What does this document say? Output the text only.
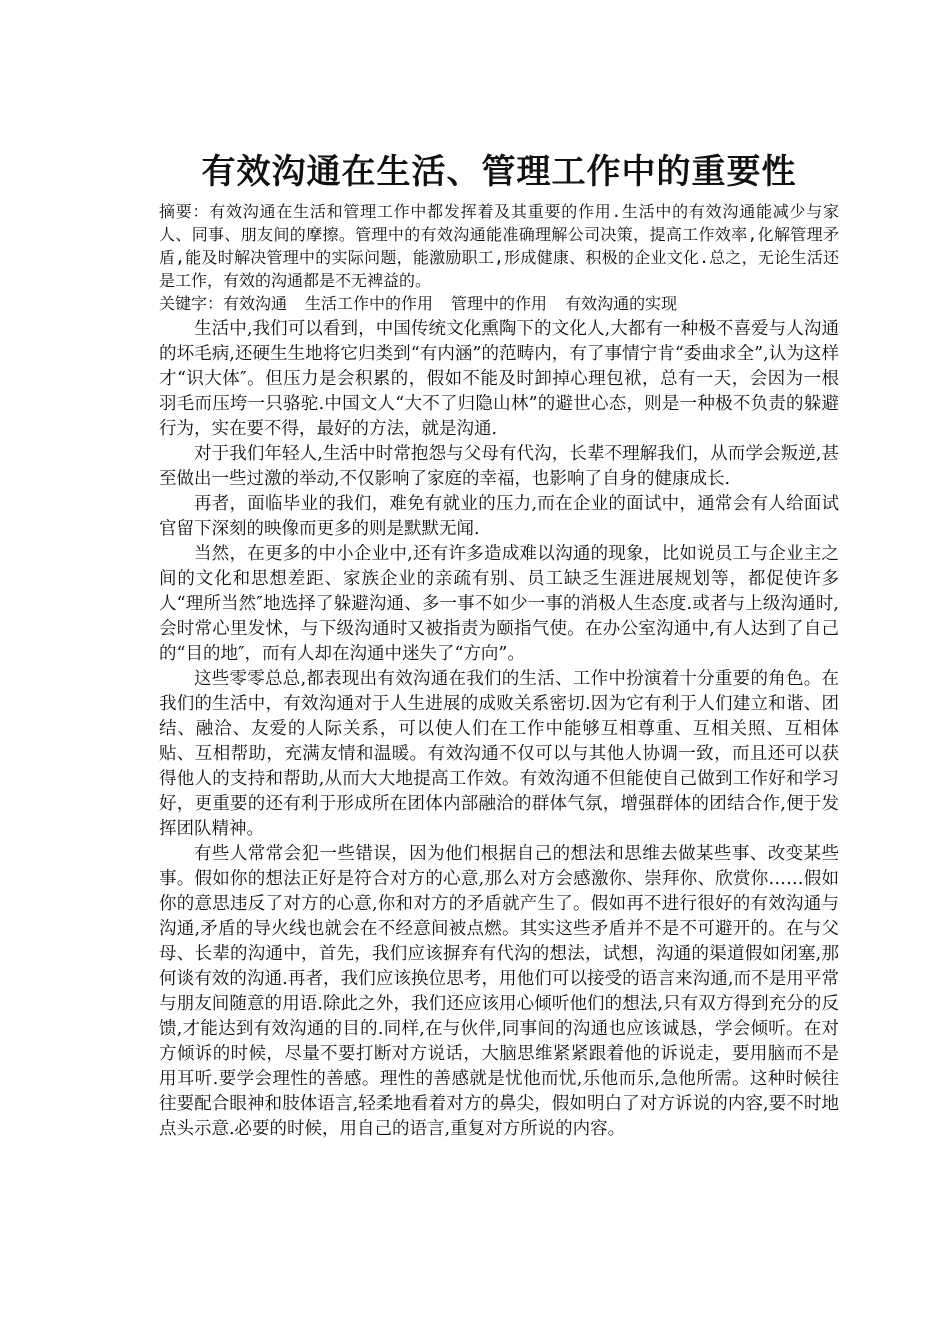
有效沟通在生活、管理工作中的重要性

摘要：有效沟通在生活和管理工作中都发挥着及其重要的作用.生活中的有效沟通能减少与家人、同事、朋友间的摩擦。管理中的有效沟通能准确理解公司决策，提高工作效率,化解管理矛盾,能及时解决管理中的实际问题，能激励职工,形成健康、积极的企业文化.总之，无论生活还是工作，有效的沟通都是不无裨益的。

关键字：有效沟通 生活工作中的作用 管理中的作用 有效沟通的实现

生活中,我们可以看到，中国传统文化熏陶下的文化人,大都有一种极不喜爱与人沟通的坏毛病,还硬生生地将它归类到“有内涵”的范畴内，有了事情宁肯“委曲求全”,认为这样才“识大体″。但压力是会积累的，假如不能及时卸掉心理包袱，总有一天，会因为一根羽毛而压垮一只骆驼.中国文人“大不了归隐山林”的避世心态，则是一种极不负责的躲避行为，实在要不得，最好的方法，就是沟通.

对于我们年轻人,生活中时常抱怨与父母有代沟，长辈不理解我们，从而学会叛逆,甚至做出一些过激的举动,不仅影响了家庭的幸福，也影响了自身的健康成长.

再者，面临毕业的我们，难免有就业的压力,而在企业的面试中，通常会有人给面试官留下深刻的映像而更多的则是默默无闻.

当然，在更多的中小企业中,还有许多造成难以沟通的现象，比如说员工与企业主之间的文化和思想差距、家族企业的亲疏有别、员工缺乏生涯进展规划等，都促使许多人“理所当然″地选择了躲避沟通、多一事不如少一事的消极人生态度.或者与上级沟通时,会时常心里发怵，与下级沟通时又被指责为颐指气使。在办公室沟通中,有人达到了自己的“目的地″，而有人却在沟通中迷失了“方向”。

这些零零总总,都表现出有效沟通在我们的生活、工作中扮演着十分重要的角色。在我们的生活中，有效沟通对于人生进展的成败关系密切.因为它有利于人们建立和谐、团结、融洽、友爱的人际关系，可以使人们在工作中能够互相尊重、互相关照、互相体贴、互相帮助，充满友情和温暖。有效沟通不仅可以与其他人协调一致，而且还可以获得他人的支持和帮助,从而大大地提高工作效。有效沟通不但能使自己做到工作好和学习好，更重要的还有利于形成所在团体内部融洽的群体气氛，增强群体的团结合作,便于发挥团队精神。

有些人常常会犯一些错误，因为他们根据自己的想法和思维去做某些事、改变某些事。假如你的想法正好是符合对方的心意,那么对方会感激你、崇拜你、欣赏你……假如你的意思违反了对方的心意,你和对方的矛盾就产生了。假如再不进行很好的有效沟通与沟通,矛盾的导火线也就会在不经意间被点燃。其实这些矛盾并不是不可避开的。在与父母、长辈的沟通中，首先，我们应该摒弃有代沟的想法，试想，沟通的渠道假如闭塞,那何谈有效的沟通.再者，我们应该换位思考，用他们可以接受的语言来沟通,而不是用平常与朋友间随意的用语.除此之外，我们还应该用心倾听他们的想法,只有双方得到充分的反馈,才能达到有效沟通的目的.同样,在与伙伴,同事间的沟通也应该诚恳，学会倾听。在对方倾诉的时候，尽量不要打断对方说话，大脑思维紧紧跟着他的诉说走，要用脑而不是用耳听.要学会理性的善感。理性的善感就是忧他而忧,乐他而乐,急他所需。这种时候往往要配合眼神和肢体语言,轻柔地看着对方的鼻尖，假如明白了对方诉说的内容,要不时地点头示意.必要的时候，用自己的语言,重复对方所说的内容。
